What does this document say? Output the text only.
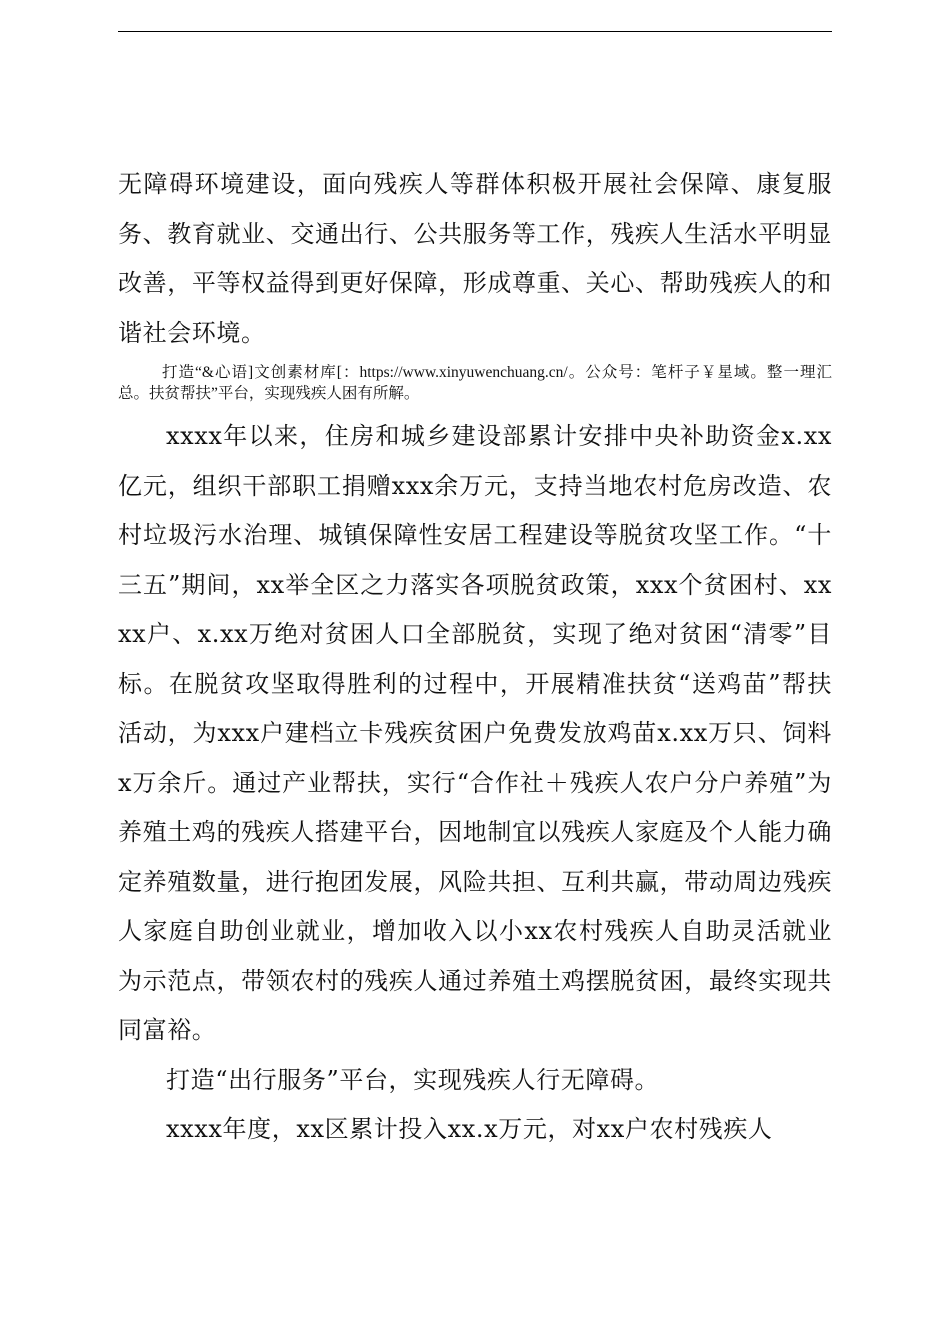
无障碍环境建设，面向残疾人等群体积极开展社会保障、康复服务、教育就业、交通出行、公共服务等工作，残疾人生活水平明显改善，平等权益得到更好保障，形成尊重、关心、帮助残疾人的和谐社会环境。

打造“&心语]文创素材库[：https://www.xinyuwenchuang.cn/。公众号：笔杆子￥星域。整一理汇总。扶贫帮扶”平台，实现残疾人困有所解。

xxxx年以来，住房和城乡建设部累计安排中央补助资金x.xx亿元，组织干部职工捐赠xxx余万元，支持当地农村危房改造、农村垃圾污水治理、城镇保障性安居工程建设等脱贫攻坚工作。“十三五”期间，xx举全区之力落实各项脱贫政策，xxx个贫困村、xxxx户、x.xx万绝对贫困人口全部脱贫，实现了绝对贫困“清零”目标。在脱贫攻坚取得胜利的过程中，开展精准扶贫“送鸡苗”帮扶活动，为xxx户建档立卡残疾贫困户免费发放鸡苗x.xx万只、饲料x万余斤。通过产业帮扶，实行“合作社＋残疾人农户分户养殖”为养殖土鸡的残疾人搭建平台，因地制宜以残疾人家庭及个人能力确定养殖数量，进行抱团发展，风险共担、互利共赢，带动周边残疾人家庭自助创业就业，增加收入以小xx农村残疾人自助灵活就业为示范点，带领农村的残疾人通过养殖土鸡摆脱贫困，最终实现共同富裕。

打造“出行服务”平台，实现残疾人行无障碍。

xxxx年度，xx区累计投入xx.x万元，对xx户农村残疾人
